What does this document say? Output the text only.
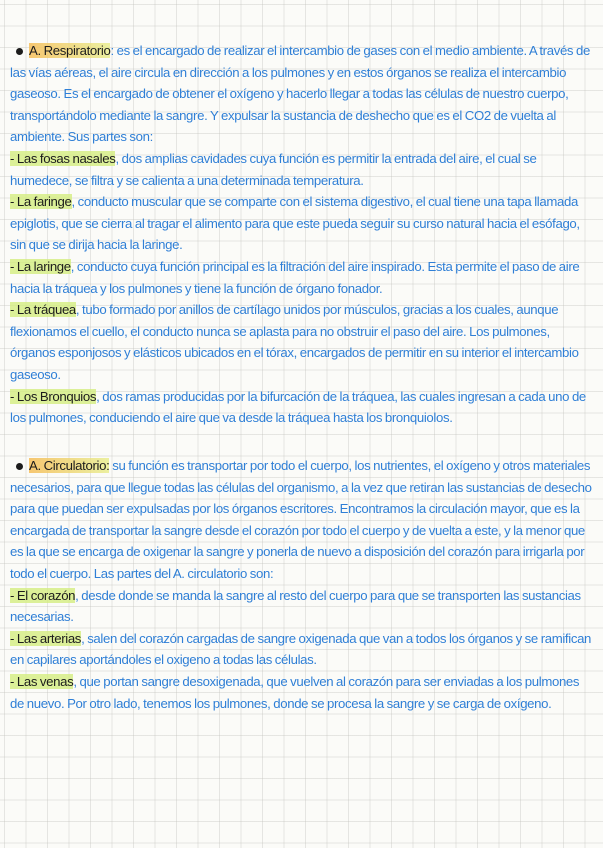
A. Respiratorio: es el encargado de realizar el intercambio de gases con el medio ambiente. A través de las vías aéreas, el aire circula en dirección a los pulmones y en estos órganos se realiza el intercambio gaseoso. Es el encargado de obtener el oxígeno y hacerlo llegar a todas las células de nuestro cuerpo, transportándolo mediante la sangre. Y expulsar la sustancia de deshecho que es el CO2 de vuelta al ambiente. Sus partes son:
- Las fosas nasales, dos amplias cavidades cuya función es permitir la entrada del aire, el cual se humedece, se filtra y se calienta a una determinada temperatura.
- La faringe, conducto muscular que se comparte con el sistema digestivo, el cual tiene una tapa llamada epiglotis, que se cierra al tragar el alimento para que este pueda seguir su curso natural hacia el esófago, sin que se dirija hacia la laringe.
- La laringe, conducto cuya función principal es la filtración del aire inspirado. Esta permite el paso de aire hacia la tráquea y los pulmones y tiene la función de órgano fonador.
- La tráquea, tubo formado por anillos de cartílago unidos por músculos, gracias a los cuales, aunque flexionamos el cuello, el conducto nunca se aplasta para no obstruir el paso del aire. Los pulmones, órganos esponjosos y elásticos ubicados en el tórax, encargados de permitir en su interior el intercambio gaseoso.
- Los Bronquios, dos ramas producidas por la bifurcación de la tráquea, las cuales ingresan a cada uno de los pulmones, conduciendo el aire que va desde la tráquea hasta los bronquiolos.
A. Circulatorio: su función es transportar por todo el cuerpo, los nutrientes, el oxígeno y otros materiales necesarios, para que llegue todas las células del organismo, a la vez que retiran las sustancias de desecho para que puedan ser expulsadas por los órganos escritores. Encontramos la circulación mayor, que es la encargada de transportar la sangre desde el corazón por todo el cuerpo y de vuelta a este, y la menor que es la que se encarga de oxigenar la sangre y ponerla de nuevo a disposición del corazón para irrigarla por todo el cuerpo. Las partes del A. circulatorio son:
- El corazón, desde donde se manda la sangre al resto del cuerpo para que se transporten las sustancias necesarias.
- Las arterias, salen del corazón cargadas de sangre oxigenada que van a todos los órganos y se ramifican en capilares aportándoles el oxigeno a todas las células.
- Las venas, que portan sangre desoxigenada, que vuelven al corazón para ser enviadas a los pulmones de nuevo. Por otro lado, tenemos los pulmones, donde se procesa la sangre y se carga de oxígeno.
